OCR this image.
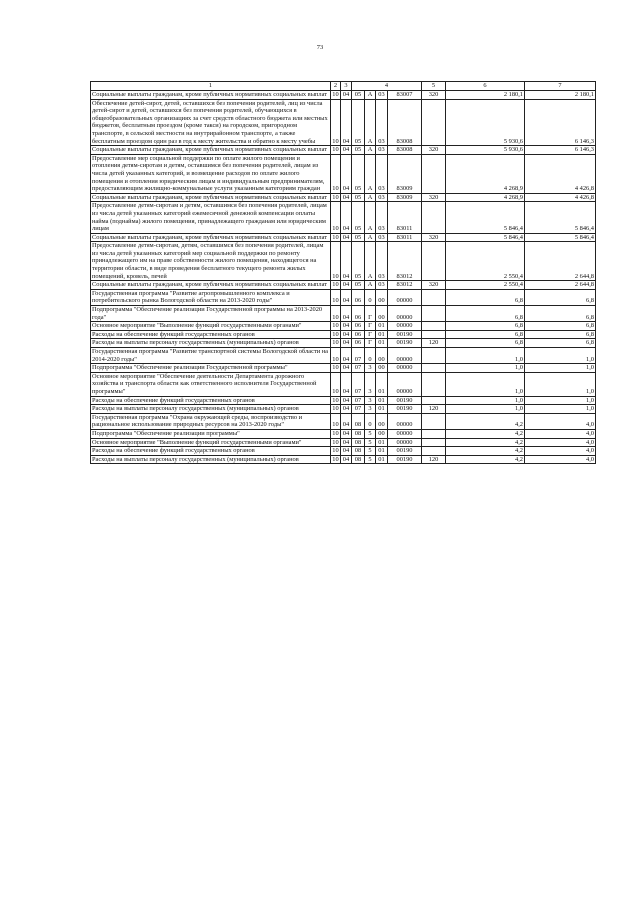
73
1	2	3	4				5	6	7
Социальные выплаты гражданам, кроме публичных нормативных социальных выплат	10	04	05	А	03	83007	320	2 180,1	2 180,1
Обеспечение детей-сирот, детей, оставшихся без попечения родителей, лиц из числа детей-сирот и детей, оставшихся без попечения родителей, обучающихся в общеобразовательных организациях за счет средств областного бюджета или местных бюджетов, бесплатным проездом (кроме такси) на городском, пригородном транспорте, в сельской местности на внутрирайонном транспорте, а также бесплатным проездом один раз в год к месту жительства и обратно к месту учебы	10	04	05	А	03	83008		5 930,6	6 146,3
Социальные выплаты гражданам, кроме публичных нормативных социальных выплат	10	04	05	А	03	83008	320	5 930,6	6 146,3
Предоставление мер социальной поддержки по оплате жилого помещения и отопления детям-сиротам и детям, оставшимся без попечения родителей, лицам из числа детей указанных категорий, и возмещение расходов по оплате жилого помещения и отопления юридическим лицам и индивидуальным предпринимателям, предоставляющим жилищно-коммунальные услуги указанным категориям граждан	10	04	05	А	03	83009		4 268,9	4 426,8
Социальные выплаты гражданам, кроме публичных нормативных социальных выплат	10	04	05	А	03	83009	320	4 268,9	4 426,8
Предоставление детям-сиротам и детям, оставшимся без попечения родителей, лицам из числа детей указанных категорий ежемесячной денежной компенсации оплаты найма (поднайма) жилого помещения, принадлежащего гражданам или юридическим лицам	10	04	05	А	03	83011		5 846,4	5 846,4
Социальные выплаты гражданам, кроме публичных нормативных социальных выплат	10	04	05	А	03	83011	320	5 846,4	5 846,4
Предоставление детям-сиротам, детям, оставшимся без попечения родителей, лицам из числа детей указанных категорий мер социальной поддержки по ремонту принадлежащего им на праве собственности жилого помещения, находящегося на территории области, в виде проведения бесплатного текущего ремонта жилых помещений, кровель, печей	10	04	05	А	03	83012		2 550,4	2 644,8
Социальные выплаты гражданам, кроме публичных нормативных социальных выплат	10	04	05	А	03	83012	320	2 550,4	2 644,8
Государственная программа "Развитие агропромышленного комплекса и потребительского рынка Вологодской области на 2013-2020 годы"	10	04	06	0	00	00000		6,8	6,8
Подпрограмма "Обеспечение реализации Государственной программы на 2013-2020 года"	10	04	06	Г	00	00000		6,8	6,8
Основное мероприятие "Выполнение функций государственными органами"	10	04	06	Г	01	00000		6,8	6,8
Расходы на обеспечение функций государственных органов	10	04	06	Г	01	00190		6,8	6,8
Расходы на выплаты персоналу государственных (муниципальных) органов	10	04	06	Г	01	00190	120	6,8	6,8
Государственная программа "Развитие транспортной системы Вологодской области на 2014-2020 годы"	10	04	07	0	00	00000		1,0	1,0
Подпрограмма "Обеспечение реализации Государственной программы"	10	04	07	3	00	00000		1,0	1,0
Основное мероприятие "Обеспечение деятельности Департамента дорожного хозяйства и транспорта области как ответственного исполнителя Государственной программы"	10	04	07	3	01	00000		1,0	1,0
Расходы на обеспечение функций государственных органов	10	04	07	3	01	00190		1,0	1,0
Расходы на выплаты персоналу государственных (муниципальных) органов	10	04	07	3	01	00190	120	1,0	1,0
Государственная программа "Охрана окружающей среды, воспроизводство и рациональное использование природных ресурсов на 2013-2020 годы"	10	04	08	0	00	00000		4,2	4,0
Подпрограмма "Обеспечение реализации программы"	10	04	08	5	00	00000		4,2	4,0
Основное мероприятие "Выполнение функций государственными органами"	10	04	08	5	01	00000		4,2	4,0
Расходы на обеспечение функций государственных органов	10	04	08	5	01	00190		4,2	4,0
Расходы на выплаты персоналу государственных (муниципальных) органов	10	04	08	5	01	00190	120	4,2	4,0
